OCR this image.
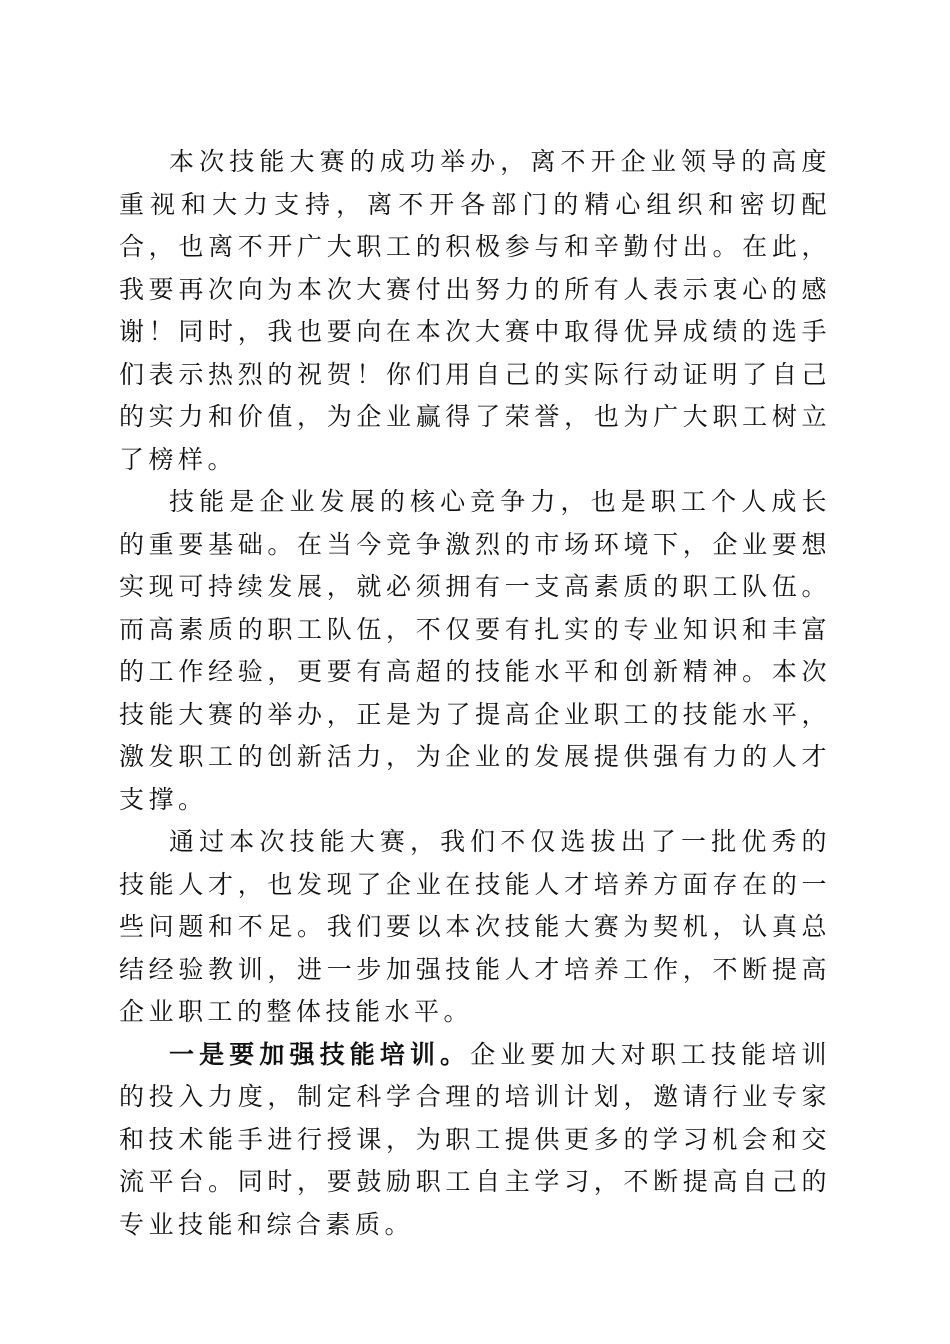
本次技能大赛的成功举办，离不开企业领导的高度重视和大力支持，离不开各部门的精心组织和密切配合，也离不开广大职工的积极参与和辛勤付出。在此，我要再次向为本次大赛付出努力的所有人表示衷心的感谢！同时，我也要向在本次大赛中取得优异成绩的选手们表示热烈的祝贺！你们用自己的实际行动证明了自己的实力和价值，为企业赢得了荣誉，也为广大职工树立了榜样。

技能是企业发展的核心竞争力，也是职工个人成长的重要基础。在当今竞争激烈的市场环境下，企业要想实现可持续发展，就必须拥有一支高素质的职工队伍。而高素质的职工队伍，不仅要有扎实的专业知识和丰富的工作经验，更要有高超的技能水平和创新精神。本次技能大赛的举办，正是为了提高企业职工的技能水平，激发职工的创新活力，为企业的发展提供强有力的人才支撑。

通过本次技能大赛，我们不仅选拔出了一批优秀的技能人才，也发现了企业在技能人才培养方面存在的一些问题和不足。我们要以本次技能大赛为契机，认真总结经验教训，进一步加强技能人才培养工作，不断提高企业职工的整体技能水平。

一是要加强技能培训。企业要加大对职工技能培训的投入力度，制定科学合理的培训计划，邀请行业专家和技术能手进行授课，为职工提供更多的学习机会和交流平台。同时，要鼓励职工自主学习，不断提高自己的专业技能和综合素质。
